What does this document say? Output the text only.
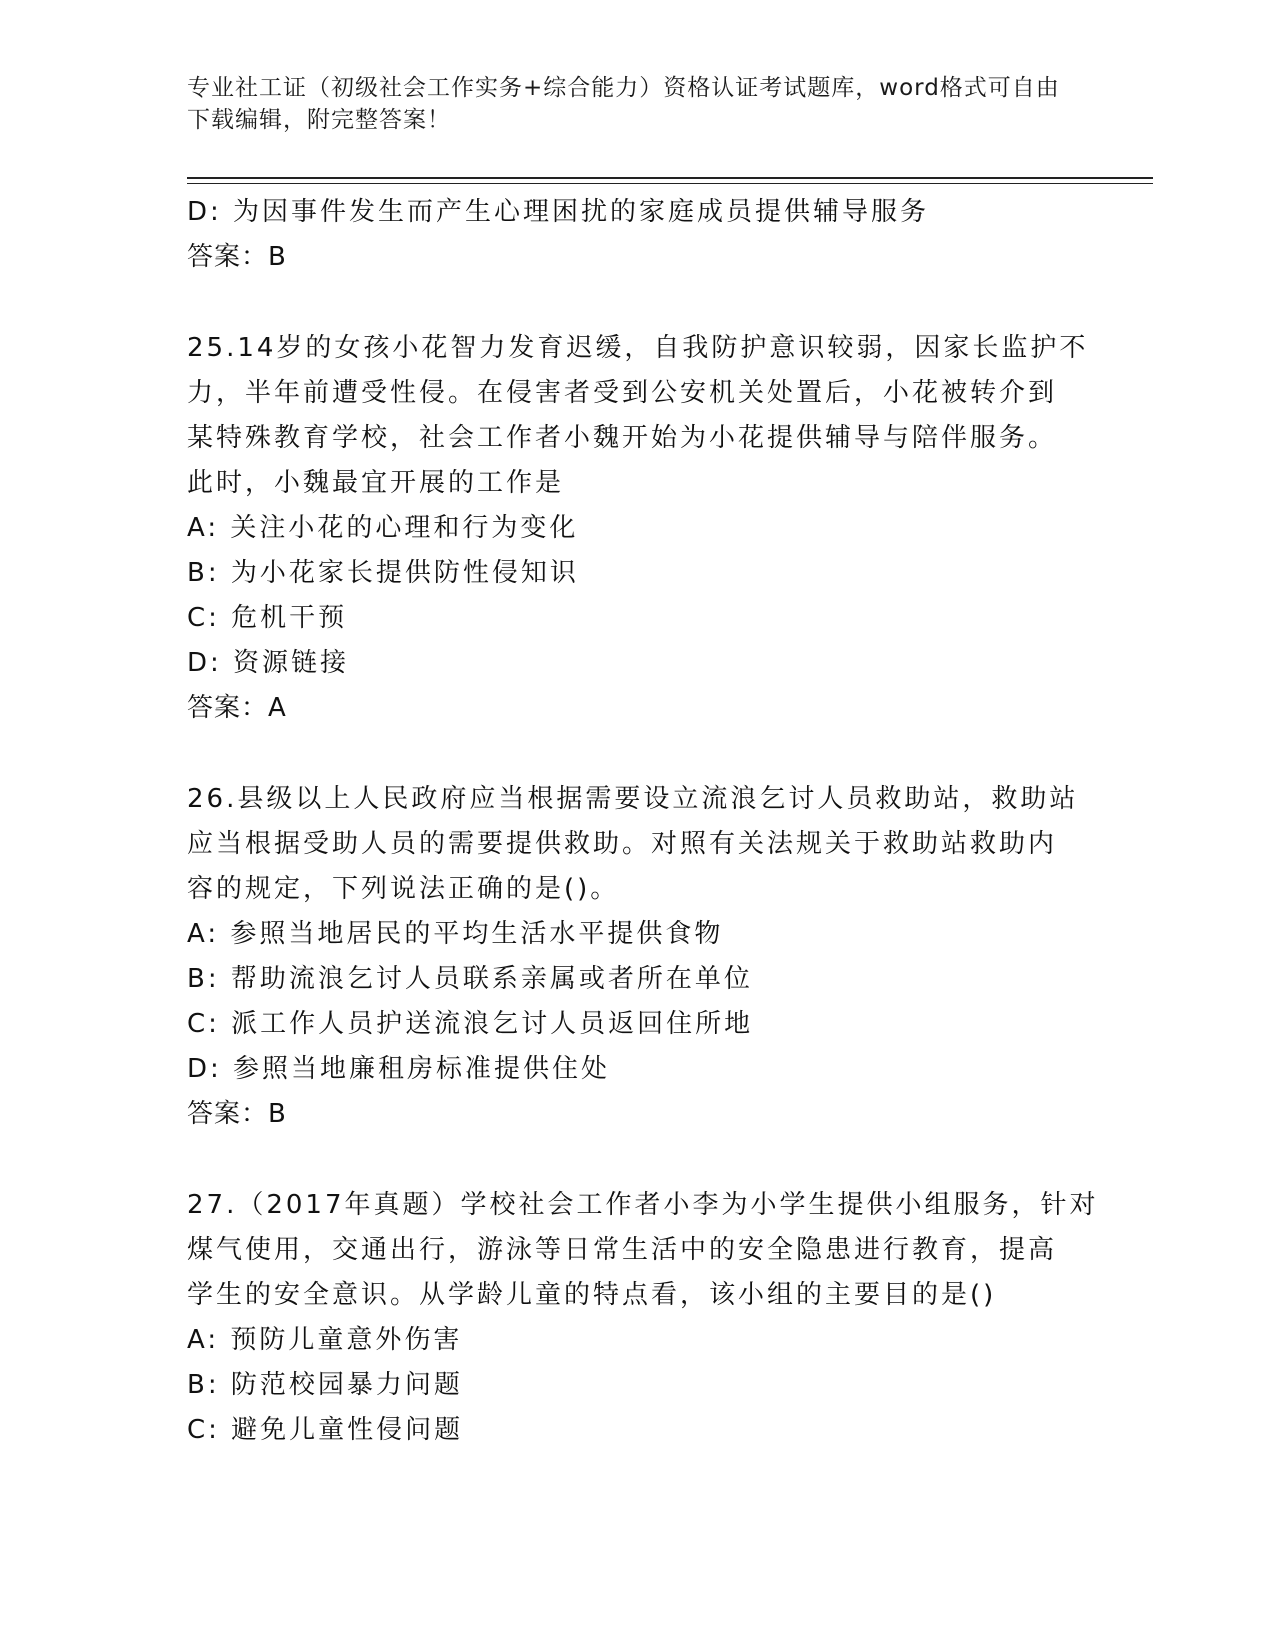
专业社工证（初级社会工作实务+综合能力）资格认证考试题库，word格式可自由
下载编辑，附完整答案！
D: 为因事件发生而产生心理困扰的家庭成员提供辅导服务
答案：B
25.14岁的女孩小花智力发育迟缓，自我防护意识较弱，因家长监护不
力，半年前遭受性侵。在侵害者受到公安机关处置后，小花被转介到
某特殊教育学校，社会工作者小魏开始为小花提供辅导与陪伴服务。
此时，小魏最宜开展的工作是
A: 关注小花的心理和行为变化
B: 为小花家长提供防性侵知识
C: 危机干预
D: 资源链接
答案：A
26.县级以上人民政府应当根据需要设立流浪乞讨人员救助站，救助站
应当根据受助人员的需要提供救助。对照有关法规关于救助站救助内
容的规定，下列说法正确的是()。
A: 参照当地居民的平均生活水平提供食物
B: 帮助流浪乞讨人员联系亲属或者所在单位
C: 派工作人员护送流浪乞讨人员返回住所地
D: 参照当地廉租房标准提供住处
答案：B
27.（2017年真题）学校社会工作者小李为小学生提供小组服务，针对
煤气使用，交通出行，游泳等日常生活中的安全隐患进行教育，提高
学生的安全意识。从学龄儿童的特点看，该小组的主要目的是()
A: 预防儿童意外伤害
B: 防范校园暴力问题
C: 避免儿童性侵问题
